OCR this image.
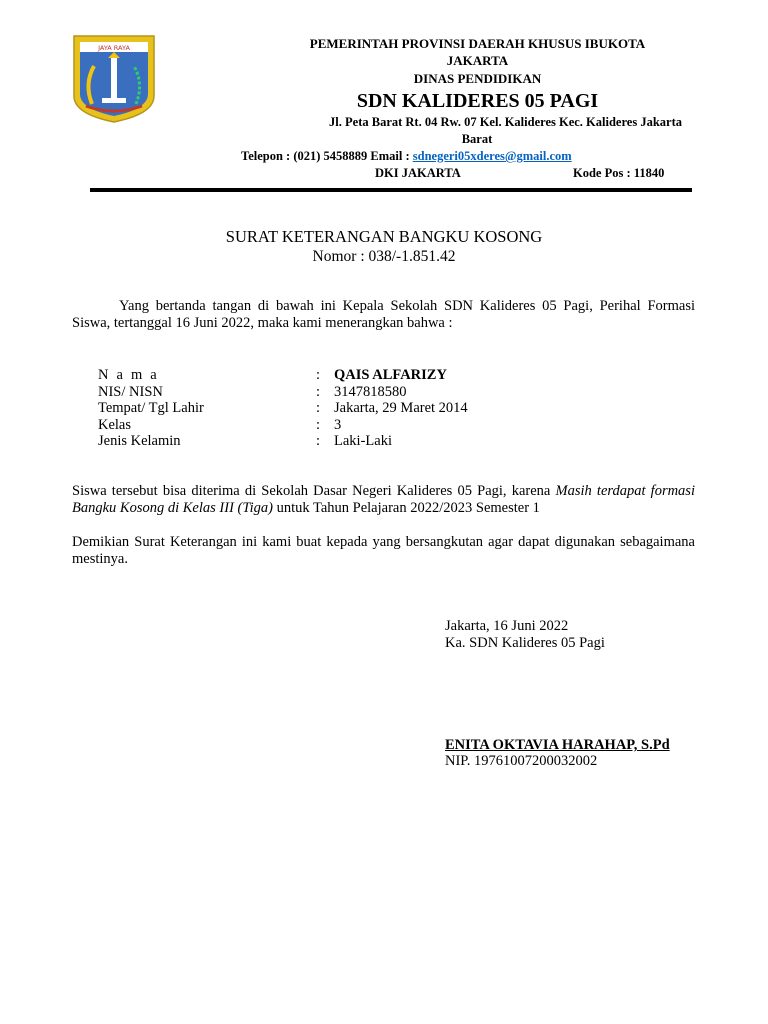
JAYA RAYA	PEMERINTAH PROVINSI DAERAH KHUSUS IBUKOTA
JAKARTA
DINAS PENDIDIKAN
SDN KALIDERES 05 PAGI
Jl. Peta Barat Rt. 04 Rw. 07 Kel. Kalideres Kec. Kalideres Jakarta
Barat
Telepon : (021) 5458889 Email : sdnegeri05xderes@gmail.com
DKI JAKARTA	Kode Pos : 11840
SURAT KETERANGAN BANGKU KOSONG
Nomor : 038/-1.851.42
Yang bertanda tangan di bawah ini Kepala Sekolah SDN Kalideres 05 Pagi, Perihal Formasi Siswa, tertanggal 16 Juni 2022, maka kami menerangkan bahwa :
N a m a	: QAIS ALFARIZY
NIS/ NISN	: 3147818580
Tempat/ Tgl Lahir	: Jakarta, 29 Maret 2014
Kelas	: 3
Jenis Kelamin	: Laki-Laki
Siswa tersebut bisa diterima di Sekolah Dasar Negeri Kalideres 05 Pagi, karena Masih terdapat formasi Bangku Kosong di Kelas III (Tiga) untuk Tahun Pelajaran 2022/2023 Semester 1
Demikian Surat Keterangan ini kami buat kepada yang bersangkutan agar dapat digunakan sebagaimana mestinya.
Jakarta, 16 Juni 2022
Ka. SDN Kalideres 05 Pagi
ENITA OKTAVIA HARAHAP, S.Pd
NIP. 19761007200032002
